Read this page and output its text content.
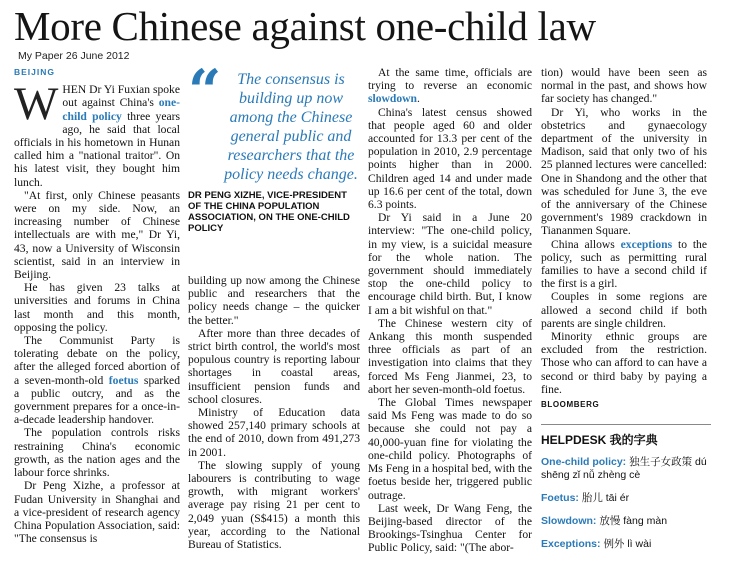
More Chinese against one-child law
My Paper 26 June 2012
BEIJING
W HEN Dr Yi Fuxian spoke out against China's one-child policy three years ago, he said that local officials in his hometown in Hunan called him a "national traitor". On his latest visit, they bought him lunch.

"At first, only Chinese peasants were on my side. Now, an increasing number of Chinese intellectuals are with me," Dr Yi, 43, now a University of Wisconsin scientist, said in an interview in Beijing.

He has given 23 talks at universities and forums in China last month and this month, opposing the policy.

The Communist Party is tolerating debate on the policy, after the alleged forced abortion of a seven-month-old foetus sparked a public outcry, and as the government prepares for a once-in-a-decade leadership handover.

The population controls risks restraining China's economic growth, as the nation ages and the labour force shrinks.

Dr Peng Xizhe, a professor at Fudan University in Shanghai and a vice-president of research agency China Population Association, said: "The consensus is

“ The consensus is building up now among the Chinese general public and researchers that the policy needs change.
DR PENG XIZHE, VICE-PRESIDENT OF THE CHINA POPULATION ASSOCIATION, ON THE ONE-CHILD POLICY

building up now among the Chinese public and researchers that the policy needs change – the quicker the better."

After more than three decades of strict birth control, the world's most populous country is reporting labour shortages in coastal areas, insufficient pension funds and school closures.

Ministry of Education data showed 257,140 primary schools at the end of 2010, down from 491,273 in 2001.

The slowing supply of young labourers is contributing to wage growth, with migrant workers' average pay rising 21 per cent to 2,049 yuan (S$415) a month this year, according to the National Bureau of Statistics.

At the same time, officials are trying to reverse an economic slowdown.

China's latest census showed that people aged 60 and older accounted for 13.3 per cent of the population in 2010, 2.9 percentage points higher than in 2000. Children aged 14 and under made up 16.6 per cent of the total, down 6.3 points.

Dr Yi said in a June 20 interview: "The one-child policy, in my view, is a suicidal measure for the whole nation. The government should immediately stop the one-child policy to encourage child birth. But, I know I am a bit wishful on that."

The Chinese western city of Ankang this month suspended three officials as part of an investigation into claims that they forced Ms Feng Jianmei, 23, to abort her seven-month-old foetus.

The Global Times newspaper said Ms Feng was made to do so because she could not pay a 40,000-yuan fine for violating the one-child policy. Photographs of Ms Feng in a hospital bed, with the foetus beside her, triggered public outrage.

Last week, Dr Wang Feng, the Beijing-based director of the Brookings-Tsinghua Center for Public Policy, said: "(The abor-

tion) would have been seen as normal in the past, and shows how far society has changed."

Dr Yi, who works in the obstetrics and gynaecology department of the university in Madison, said that only two of his 25 planned lectures were cancelled: One in Shandong and the other that was scheduled for June 3, the eve of the anniversary of the Chinese government's 1989 crackdown in Tiananmen Square.

China allows exceptions to the policy, such as permitting rural families to have a second child if the first is a girl.

Couples in some regions are allowed a second child if both parents are single children.

Minority ethnic groups are excluded from the restriction. Those who can afford to can have a second or third baby by paying a fine.

BLOOMBERG
HELPDESK 我的字典
One-child policy: 独生子女政策 dú shēng zǐ nǚ zhèng cè
Foetus: 胎儿 tāi ér
Slowdown: 放慢 fàng màn
Exceptions: 例外 lì wài
